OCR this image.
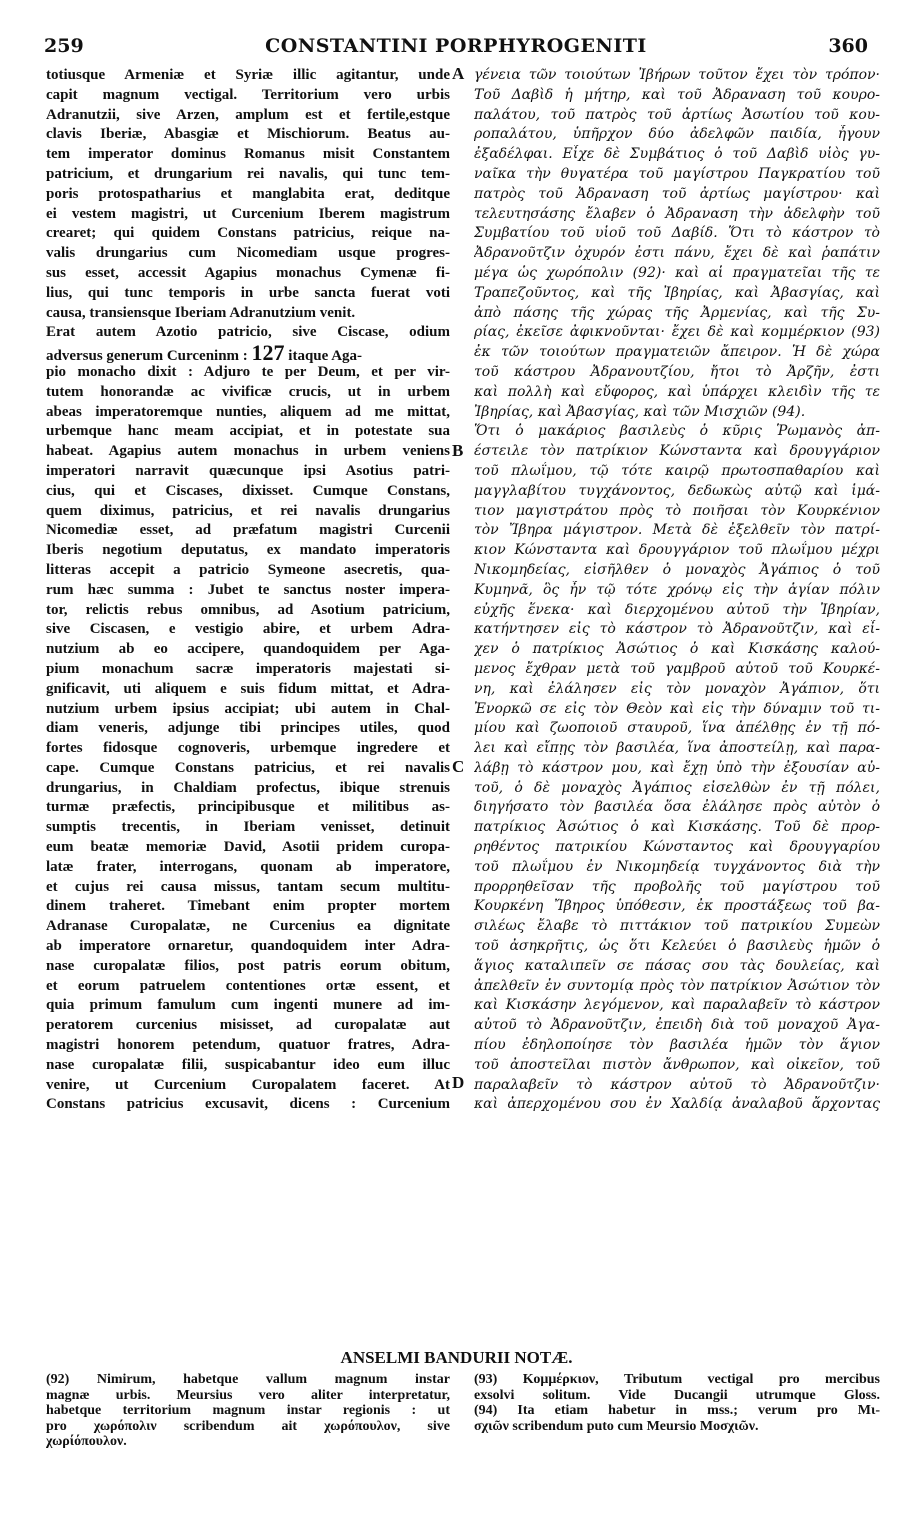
259	CONSTANTINI PORPHYROGENITI	360
totiusque Armeniæ et Syriæ illic agitantur, unde
capit magnum vectigal. Territorium vero urbis
Adranutzii, sive Arzen, amplum est et fertile,estque
clavis Iberiæ, Abasgiæ et Mischiorum. Beatus au-
tem imperator dominus Romanus misit Constantem
patricium, et drungarium rei navalis, qui tunc tem-
poris protospatharius et manglabita erat, deditque
ei vestem magistri, ut Curcenium Iberem magistrum
crearet; qui quidem Constans patricius, reique na-
valis drungarius cum Nicomediam usque progres-
sus esset, accessit Agapius monachus Cymenæ fi-
lius, qui tunc temporis in urbe sancta fuerat voti
causa, transiensque Iberiam Adranutzium venit.
Erat autem Azotio patricio, sive Ciscase, odium
adversus generum Curceninm : 127 itaque Aga-
pio monacho dixit : Adjuro te per Deum, et per vir-
tutem honorandæ ac vivificæ crucis, ut in urbem
abeas imperatoremque nunties, aliquem ad me mittat,
urbemque hanc meam accipiat, et in potestate sua
habeat. Agapius autem monachus in urbem veniens
imperatori narravit quæcunque ipsi Asotius patri-
cius, qui et Ciscases, dixisset. Cumque Constans,
quem diximus, patricius, et rei navalis drungarius
Nicomediæ esset, ad præfatum magistri Curcenii
Iberis negotium deputatus, ex mandato imperatoris
litteras accepit a patricio Symeone asecretis, qua-
rum hæc summa : Jubet te sanctus noster impera-
tor, relictis rebus omnibus, ad Asotium patricium,
sive Ciscasen, e vestigio abire, et urbem Adra-
nutzium ab eo accipere, quandoquidem per Aga-
pium monachum sacræ imperatoris majestati si-
gnificavit, uti aliquem e suis fidum mittat, et Adra-
nutzium urbem ipsius accipiat; ubi autem in Chal-
diam veneris, adjunge tibi principes utiles, quod
fortes fidosque cognoveris, urbemque ingredere et
cape. Cumque Constans patricius, et rei navalis
drungarius, in Chaldiam profectus, ibique strenuis
turmæ præfectis, principibusque et militibus as-
sumptis trecentis, in Iberiam venisset, detinuit
eum beatæ memoriæ David, Asotii pridem curopa-
latæ frater, interrogans, quonam ab imperatore,
et cujus rei causa missus, tantam secum multitu-
dinem traheret. Timebant enim propter mortem
Adranase Curopalatæ, ne Curcenius ea dignitate
ab imperatore ornaretur, quandoquidem inter Adra-
nase curopalatæ filios, post patris eorum obitum,
et eorum patruelem contentiones ortæ essent, et
quia primum famulum cum ingenti munere ad im-
peratorem curcenius misisset, ad curopalatæ aut
magistri honorem petendum, quatuor fratres, Adra-
nase curopalatæ filii, suspicabantur ideo eum illuc
venire, ut Curcenium Curopalatem faceret. At
Constans patricius excusavit, dicens : Curcenium
γένεια τῶν τοιούτων Ἰβήρων τοῦτον ἔχει τὸν τρόπον·
Τοῦ Δαβὶδ ἡ μήτηρ, καὶ τοῦ Ἀδραναση τοῦ κουρο-
παλάτου, τοῦ πατρὸς τοῦ ἀρτίως Ἀσωτίου τοῦ κου-
ροπαλάτου, ὑπῆρχον δύο ἀδελφῶν παιδία, ἦγουν
ἐξαδέλφαι. Εἶχε δὲ Συμβάτιος ὁ τοῦ Δαβὶδ υἱὸς γυ-
ναῖκα τὴν θυγατέρα τοῦ μαγίστρου Παγκρατίου τοῦ
πατρὸς τοῦ Ἀδραναση τοῦ ἀρτίως μαγίστρου· καὶ
τελευτησάσης ἔλαβεν ὁ Ἀδραναση τὴν ἀδελφὴν τοῦ
Συμβατίου τοῦ υἱοῦ τοῦ Δαβίδ. Ὅτι τὸ κάστρον τὸ
Ἀδρανοῦτζιν ὀχυρόν ἐστι πάνυ, ἔχει δὲ καὶ ῥαπάτιν
μέγα ὡς χωρόπολιν (92)· καὶ αἱ πραγματεῖαι τῆς τε
Τραπεζοῦντος, καὶ τῆς Ἰβηρίας, καὶ Ἀβασγίας, καὶ
ἀπὸ πάσης τῆς χώρας τῆς Ἀρμενίας, καὶ τῆς Συ-
ρίας, ἐκεῖσε ἀφικνοῦνται· ἔχει δὲ καὶ κομμέρκιον (93)
ἐκ τῶν τοιούτων πραγματειῶν ἄπειρον. Ἡ δὲ χώρα
τοῦ κάστρου Ἀδρανουτζίου, ἤτοι τὸ Ἀρζῆν, ἐστι
καὶ πολλὴ καὶ εὔφορος, καὶ ὑπάρχει κλειδὶν τῆς τε
Ἰβηρίας, καὶ Ἀβασγίας, καὶ τῶν Μισχιῶν (94).
Ὅτι ὁ μακάριος βασιλεὺς ὁ κῦρις Ῥωμανὸς ἀπ-
έστειλε τὸν πατρίκιον Κώνσταντα καὶ δρουγγάριον
τοῦ πλωΐμου, τῷ τότε καιρῷ πρωτοσπαθαρίου καὶ
μαγγλαβίτου τυγχάνοντος, δεδωκὼς αὐτῷ καὶ ἱμά-
τιον μαγιστράτου πρὸς τὸ ποιῆσαι τὸν Κουρκένιον
τὸν Ἴβηρα μάγιστρον. Μετὰ δὲ ἐξελθεῖν τὸν πατρί-
κιον Κώνσταντα καὶ δρουγγάριον τοῦ πλωΐμου μέχρι
Νικομηδείας, εἰσῆλθεν ὁ μοναχὸς Ἀγάπιος ὁ τοῦ
Κυμηνᾶ, ὃς ἦν τῷ τότε χρόνῳ εἰς τὴν ἁγίαν πόλιν
εὐχῆς ἕνεκα· καὶ διερχομένου αὐτοῦ τὴν Ἰβηρίαν,
κατήντησεν εἰς τὸ κάστρον τὸ Ἀδρανοῦτζιν, καὶ εἶ-
χεν ὁ πατρίκιος Ἀσώτιος ὁ καὶ Κισκάσης καλού-
μενος ἔχθραν μετὰ τοῦ γαμβροῦ αὐτοῦ τοῦ Κουρκέ-
νη, καὶ ἐλάλησεν εἰς τὸν μοναχὸν Ἀγάπιον, ὅτι
Ἐνορκῶ σε εἰς τὸν Θεὸν καὶ εἰς τὴν δύναμιν τοῦ τι-
μίου καὶ ζωοποιοῦ σταυροῦ, ἵνα ἀπέλθῃς ἐν τῇ πό-
λει καὶ εἴπῃς τὸν βασιλέα, ἵνα ἀποστείλῃ, καὶ παρα-
λάβῃ τὸ κάστρον μου, καὶ ἔχῃ ὑπὸ τὴν ἐξουσίαν αὐ-
τοῦ, ὁ δὲ μοναχὸς Ἀγάπιος εἰσελθὼν ἐν τῇ πόλει,
διηγήσατο τὸν βασιλέα ὅσα ἐλάλησε πρὸς αὐτὸν ὁ
πατρίκιος Ἀσώτιος ὁ καὶ Κισκάσης. Τοῦ δὲ προρ-
ρηθέντος πατρικίου Κώνσταντος καὶ δρουγγαρίου
τοῦ πλωΐμου ἐν Νικομηδείᾳ τυγχάνοντος διὰ τὴν
προρρηθεῖσαν τῆς προβολῆς τοῦ μαγίστρου τοῦ
Κουρκένη Ἴβηρος ὑπόθεσιν, ἐκ προστάξεως τοῦ βα-
σιλέως ἔλαβε τὸ πιττάκιον τοῦ πατρικίου Συμεὼν
τοῦ ἀσηκρῆτις, ὡς ὅτι Κελεύει ὁ βασιλεὺς ἡμῶν ὁ
ἅγιος καταλιπεῖν σε πάσας σου τὰς δουλείας, καὶ
ἀπελθεῖν ἐν συντομίᾳ πρὸς τὸν πατρίκιον Ἀσώτιον τὸν
καὶ Κισκάσην λεγόμενον, καὶ παραλαβεῖν τὸ κάστρον
αὐτοῦ τὸ Ἀδρανοῦτζιν, ἐπειδὴ διὰ τοῦ μοναχοῦ Ἀγα-
πίου ἐδηλοποίησε τὸν βασιλέα ἡμῶν τὸν ἅγιον
τοῦ ἀποστεῖλαι πιστὸν ἄνθρωπον, καὶ οἰκεῖον, τοῦ
παραλαβεῖν τὸ κάστρον αὐτοῦ τὸ Ἀδρανοῦτζιν·
καὶ ἀπερχομένου σου ἐν Χαλδίᾳ ἀναλαβοῦ ἄρχοντας
A
B
C
D
ANSELMI BANDURII NOTÆ.
(92) Nimirum, habetque vallum magnum instar
magnæ urbis. Meursius vero aliter interpretatur,
habetque territorium magnum instar regionis : ut
pro χωρόπολιν scribendum ait χωρόπουλον, sive
χωρίόπουλον.
(93) Κομμέρκιον, Tributum vectigal pro mercibus
exsolvi solitum. Vide Ducangii utrumque Gloss.
(94) Ita etiam habetur in mss.; verum pro Μι-
σχιῶν scribendum puto cum Meursio Μοσχιῶν.
